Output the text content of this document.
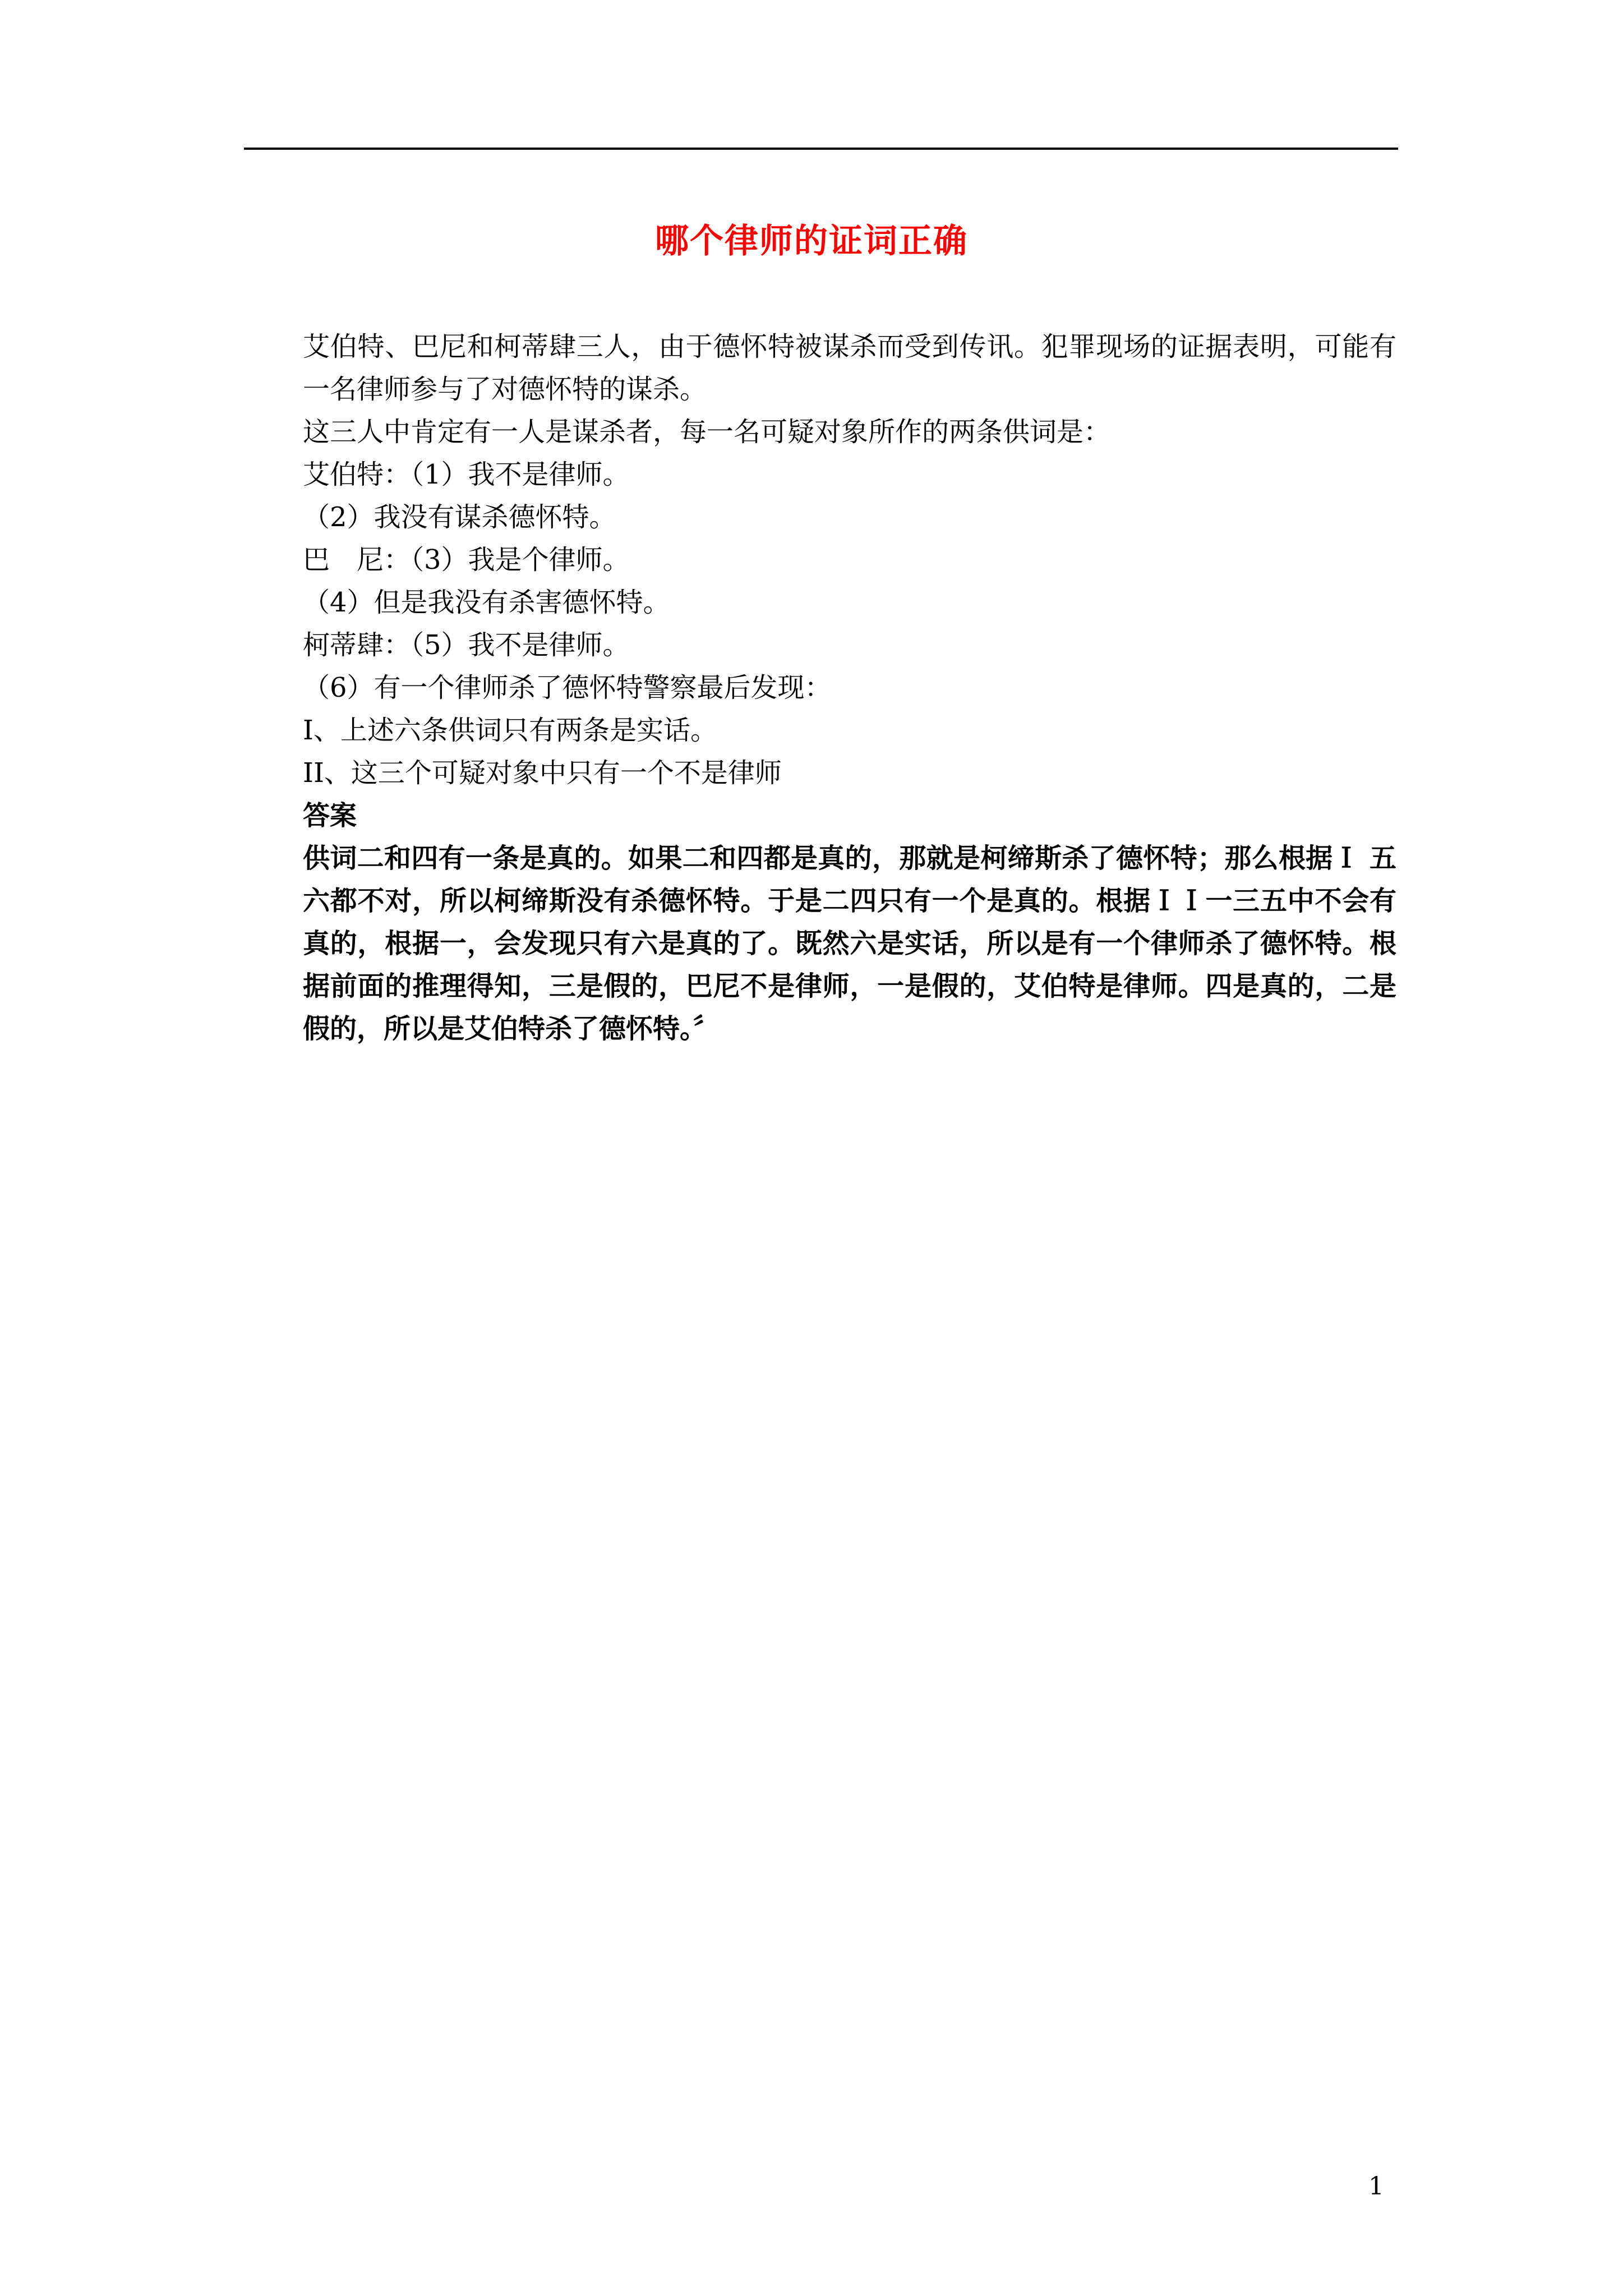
哪个律师的证词正确

艾伯特、巴尼和柯蒂肆三人，由于德怀特被谋杀而受到传讯。犯罪现场的证据表明，可能有一名律师参与了对德怀特的谋杀。

这三人中肯定有一人是谋杀者，每一名可疑对象所作的两条供词是：

艾伯特：（1）我不是律师。

（2）我没有谋杀德怀特。

巴　尼：（3）我是个律师。

（4）但是我没有杀害德怀特。

柯蒂肆：（5）我不是律师。

（6）有一个律师杀了德怀特警察最后发现：

I、上述六条供词只有两条是实话。

II、这三个可疑对象中只有一个不是律师

答案

供词二和四有一条是真的。如果二和四都是真的，那就是柯缔斯杀了德怀特；那么根据Ｉ 五六都不对，所以柯缔斯没有杀德怀特。于是二四只有一个是真的。根据ＩＩ一三五中不会有真的，根据一，会发现只有六是真的了。既然六是实话，所以是有一个律师杀了德怀特。根据前面的推理得知，三是假的，巴尼不是律师，一是假的，艾伯特是律师。四是真的，二是假的，所以是艾伯特杀了德怀特。〞

1
